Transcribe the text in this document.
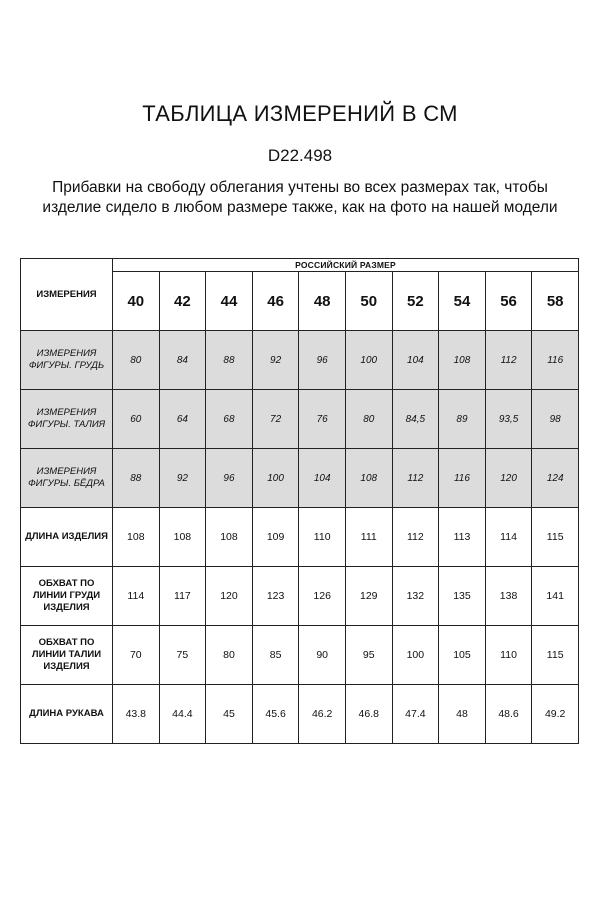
ТАБЛИЦА ИЗМЕРЕНИЙ В СМ
D22.498
Прибавки на свободу облегания учтены во всех размерах так, чтобы
изделие сидело в любом размере также, как на фото на нашей модели
ИЗМЕРЕНИЯ	РОССИЙСКИЙ РАЗМЕР									
	40	42	44	46	48	50	52	54	56	58

ИЗМЕРЕНИЯ
ФИГУРЫ. ГРУДЬ	80	84	88	92	96	100	104	108	112	116

ИЗМЕРЕНИЯ
ФИГУРЫ. ТАЛИЯ	60	64	68	72	76	80	84,5	89	93,5	98

ИЗМЕРЕНИЯ
ФИГУРЫ. БЁДРА	88	92	96	100	104	108	112	116	120	124

ДЛИНА ИЗДЕЛИЯ	108	108	108	109	110	111	112	113	114	115

ОБХВАТ ПО
ЛИНИИ ГРУДИ
ИЗДЕЛИЯ	114	117	120	123	126	129	132	135	138	141

ОБХВАТ ПО
ЛИНИИ ТАЛИИ
ИЗДЕЛИЯ	70	75	80	85	90	95	100	105	110	115

ДЛИНА РУКАВА	43.8	44.4	45	45.6	46.2	46.8	47.4	48	48.6	49.2
